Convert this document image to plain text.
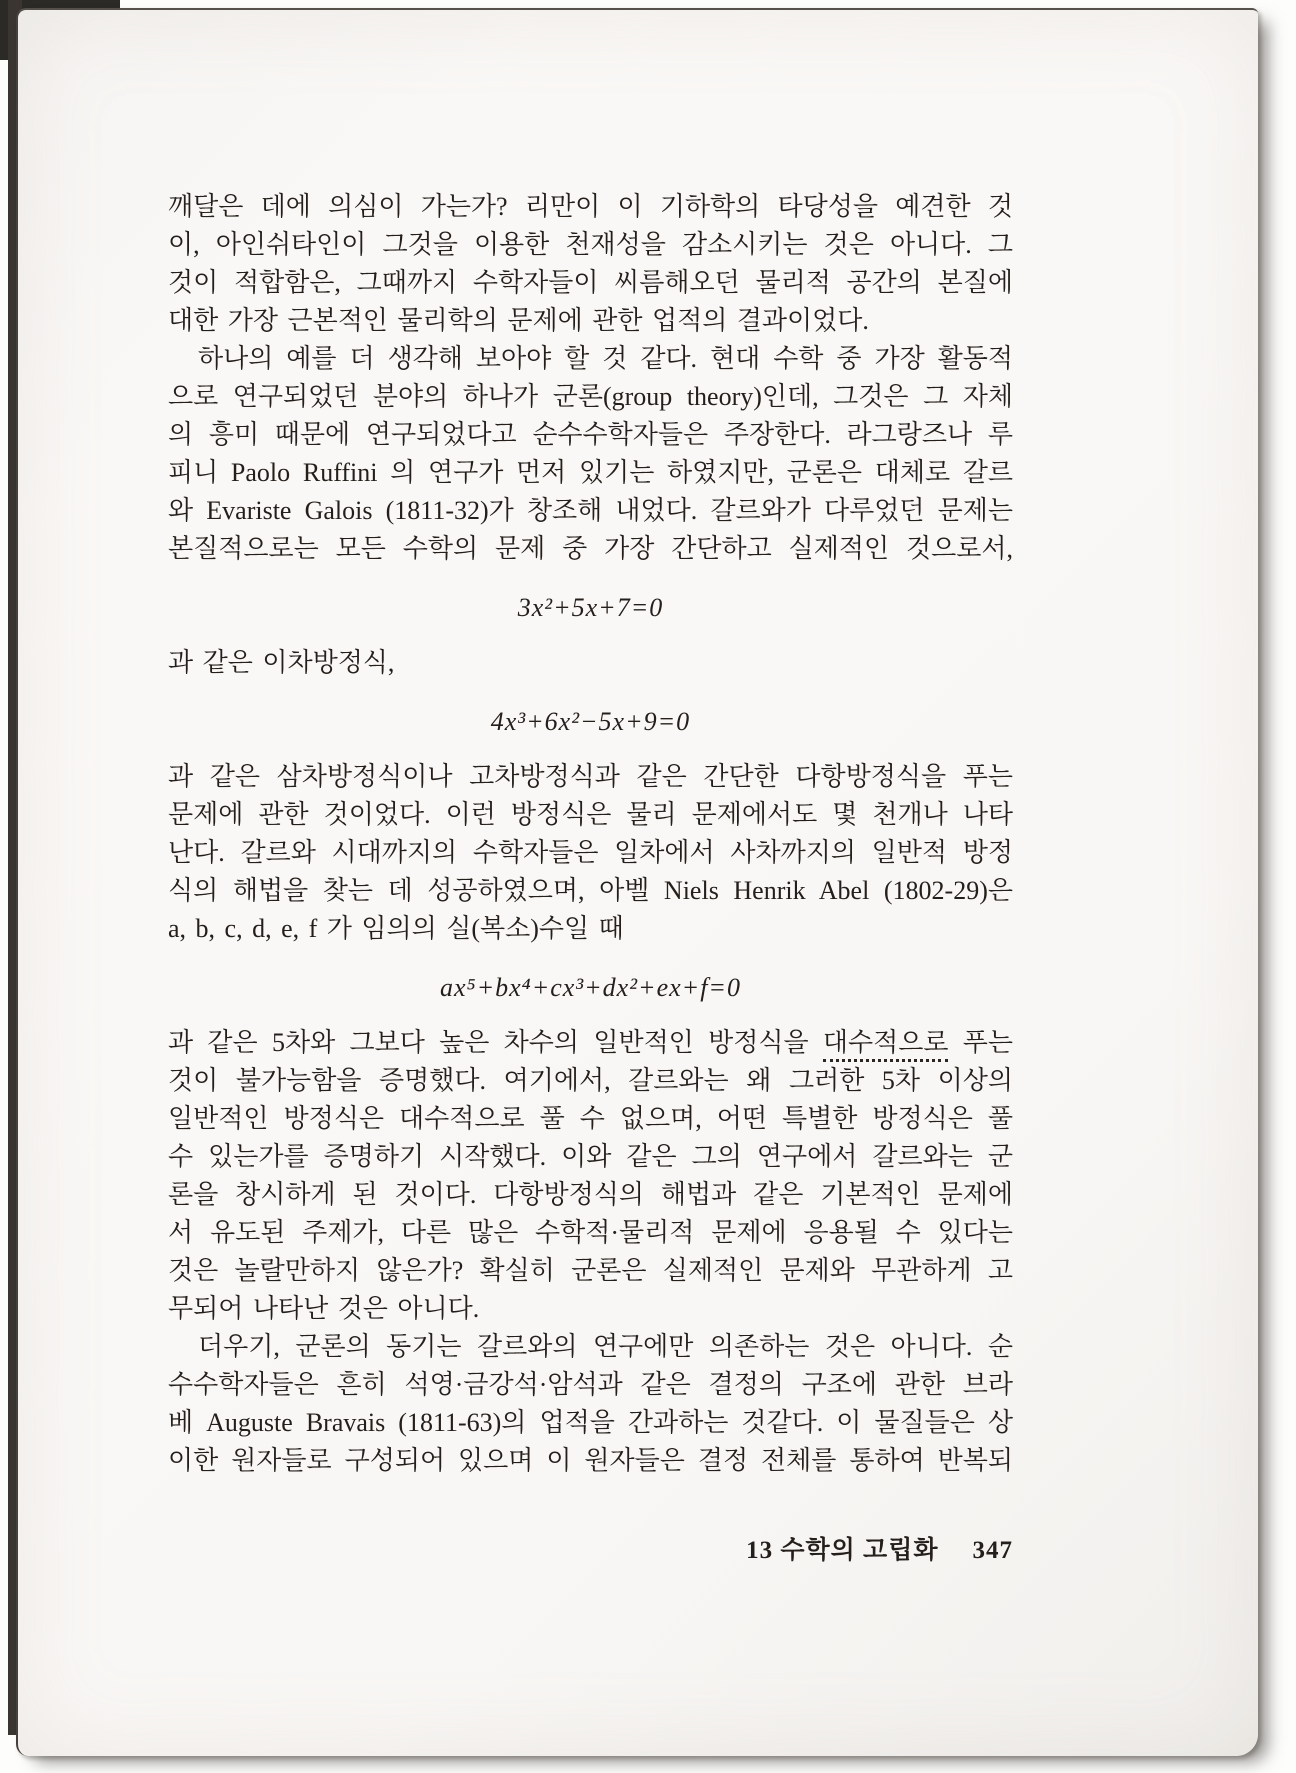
깨달은 데에 의심이 가는가? 리만이 이 기하학의 타당성을 예견한 것
이, 아인쉬타인이 그것을 이용한 천재성을 감소시키는 것은 아니다. 그
것이 적합함은, 그때까지 수학자들이 씨름해오던 물리적 공간의 본질에
대한 가장 근본적인 물리학의 문제에 관한 업적의 결과이었다.
하나의 예를 더 생각해 보아야 할 것 같다. 현대 수학 중 가장 활동적
으로 연구되었던 분야의 하나가 군론(group theory)인데, 그것은 그 자체
의 흥미 때문에 연구되었다고 순수수학자들은 주장한다. 라그랑즈나 루
피니 Paolo Ruffini 의 연구가 먼저 있기는 하였지만, 군론은 대체로 갈르
와 Evariste Galois (1811-32)가 창조해 내었다. 갈르와가 다루었던 문제는
본질적으로는 모든 수학의 문제 중 가장 간단하고 실제적인 것으로서,
3x²+5x+7=0
과 같은 이차방정식,
4x³+6x²−5x+9=0
과 같은 삼차방정식이나 고차방정식과 같은 간단한 다항방정식을 푸는
문제에 관한 것이었다. 이런 방정식은 물리 문제에서도 몇 천개나 나타
난다. 갈르와 시대까지의 수학자들은 일차에서 사차까지의 일반적 방정
식의 해법을 찾는 데 성공하였으며, 아벨 Niels Henrik Abel (1802-29)은
a, b, c, d, e, f 가 임의의 실(복소)수일 때
ax⁵+bx⁴+cx³+dx²+ex+f=0
과 같은 5차와 그보다 높은 차수의 일반적인 방정식을 대수적으로 푸는
것이 불가능함을 증명했다. 여기에서, 갈르와는 왜 그러한 5차 이상의
일반적인 방정식은 대수적으로 풀 수 없으며, 어떤 특별한 방정식은 풀
수 있는가를 증명하기 시작했다. 이와 같은 그의 연구에서 갈르와는 군
론을 창시하게 된 것이다. 다항방정식의 해법과 같은 기본적인 문제에
서 유도된 주제가, 다른 많은 수학적·물리적 문제에 응용될 수 있다는
것은 놀랄만하지 않은가? 확실히 군론은 실제적인 문제와 무관하게 고
무되어 나타난 것은 아니다.
더우기, 군론의 동기는 갈르와의 연구에만 의존하는 것은 아니다. 순
수수학자들은 흔히 석영·금강석·암석과 같은 결정의 구조에 관한 브라
베 Auguste Bravais (1811-63)의 업적을 간과하는 것같다. 이 물질들은 상
이한 원자들로 구성되어 있으며 이 원자들은 결정 전체를 통하여 반복되
13 수학의 고립화 347
